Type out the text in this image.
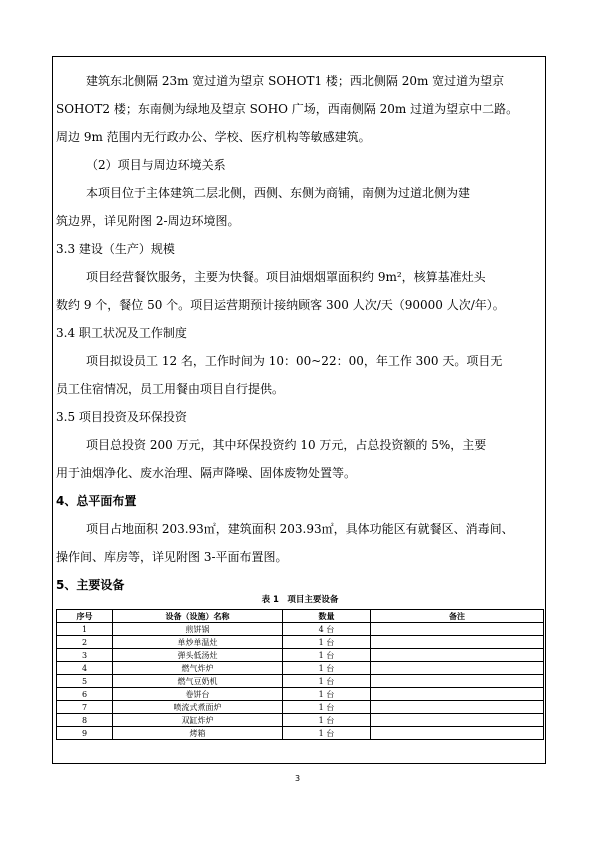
建筑东北侧隔 23m 宽过道为望京 SOHOT1 楼；西北侧隔 20m 宽过道为望京
SOHOT2 楼；东南侧为绿地及望京 SOHO 广场，西南侧隔 20m 过道为望京中二路。
周边 9m 范围内无行政办公、学校、医疗机构等敏感建筑。
（2）项目与周边环境关系
本项目位于主体建筑二层北侧，西侧、东侧为商铺，南侧为过道北侧为建
筑边界，详见附图 2-周边环境图。
3.3 建设（生产）规模
项目经营餐饮服务，主要为快餐。项目油烟烟罩面积约 9m²，核算基准灶头
数约 9 个，餐位 50 个。项目运营期预计接纳顾客 300 人次/天（90000 人次/年）。
3.4 职工状况及工作制度
项目拟设员工 12 名，工作时间为 10：00~22：00，年工作 300 天。项目无
员工住宿情况，员工用餐由项目自行提供。
3.5 项目投资及环保投资
项目总投资 200 万元，其中环保投资约 10 万元，占总投资额的 5%，主要
用于油烟净化、废水治理、隔声降噪、固体废物处置等。
4、总平面布置
项目占地面积 203.93㎡，建筑面积 203.93㎡，具体功能区有就餐区、消毒间、
操作间、库房等，详见附图 3-平面布置图。
5、主要设备
表 1　项目主要设备
序号	设备（设施）名称	数量	备注
1	煎饼锅	4 台	
2	单炒单温灶	1 台	
3	弹头低汤灶	1 台	
4	燃气炸炉	1 台	
5	燃气豆奶机	1 台	
6	卷饼台	1 台	
7	喷流式煮面炉	1 台	
8	双缸炸炉	1 台	
9	烤箱	1 台	
3
